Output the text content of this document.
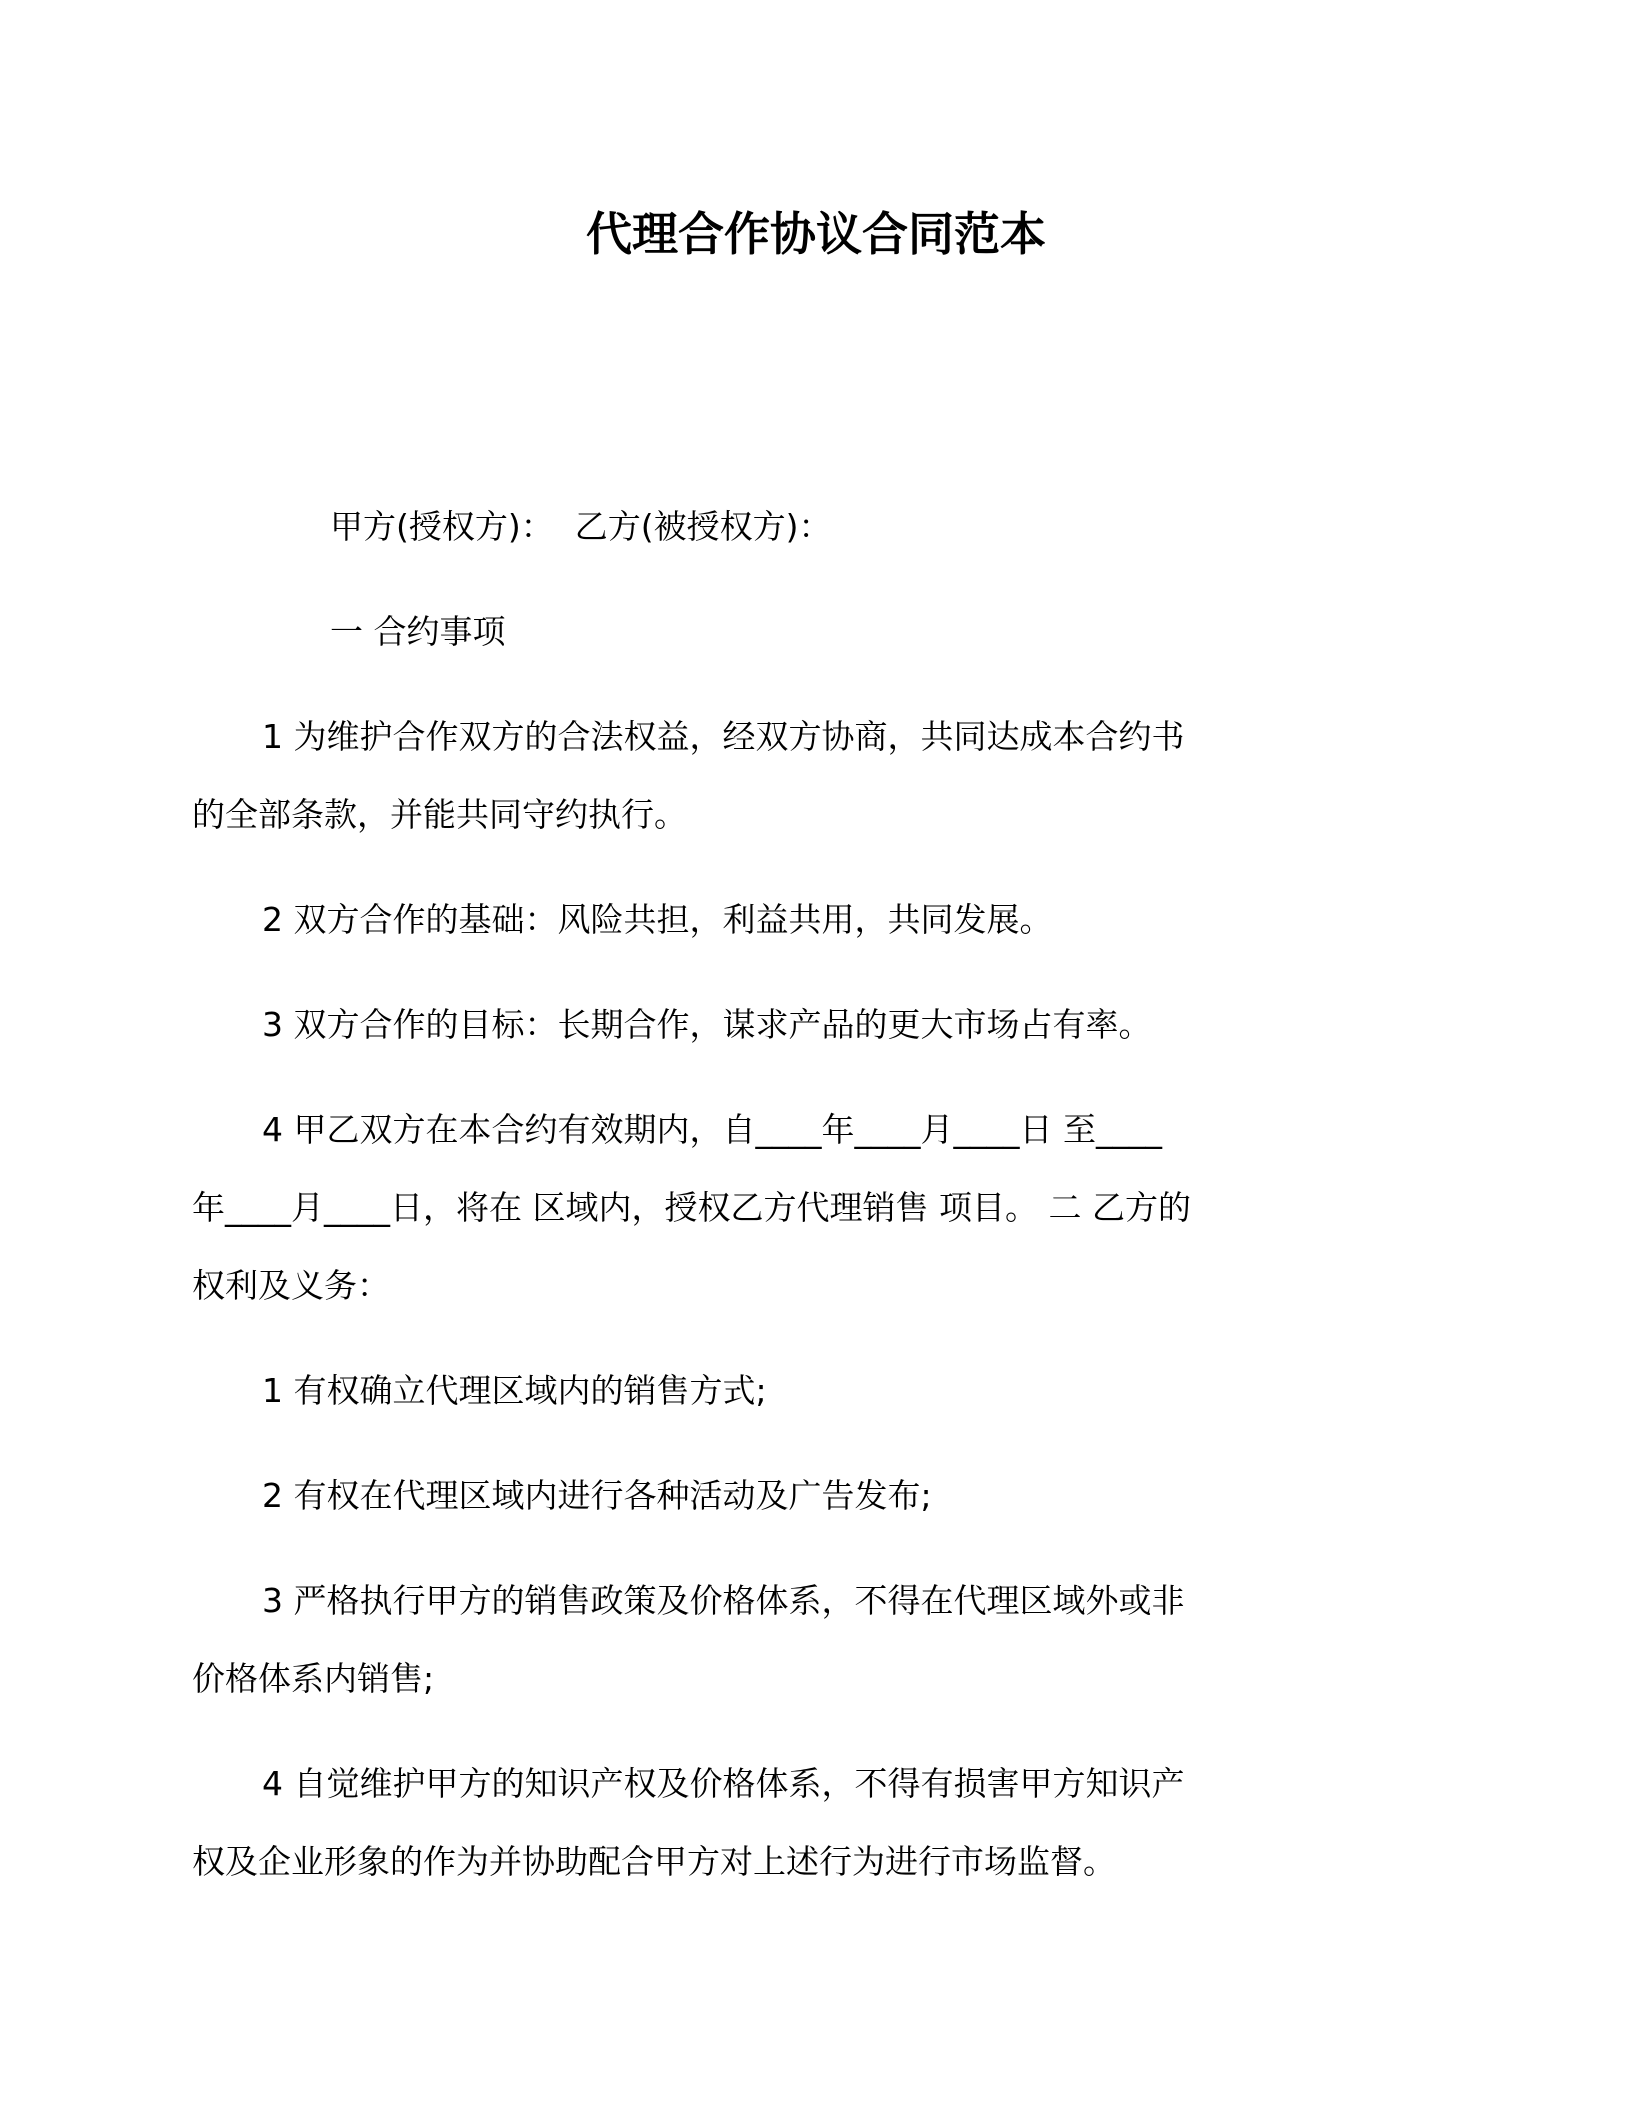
代理合作协议合同范本
甲方(授权方)：  乙方(被授权方)：
一 合约事项
1 为维护合作双方的合法权益，经双方协商，共同达成本合约书
的全部条款，并能共同守约执行。
2 双方合作的基础：风险共担，利益共用，共同发展。
3 双方合作的目标：长期合作，谋求产品的更大市场占有率。
4 甲乙双方在本合约有效期内，自____年____月____日 至____
年____月____日，将在 区域内，授权乙方代理销售 项目。 二 乙方的
权利及义务：
1 有权确立代理区域内的销售方式;
2 有权在代理区域内进行各种活动及广告发布;
3 严格执行甲方的销售政策及价格体系，不得在代理区域外或非
价格体系内销售;
4 自觉维护甲方的知识产权及价格体系，不得有损害甲方知识产
权及企业形象的作为并协助配合甲方对上述行为进行市场监督。
